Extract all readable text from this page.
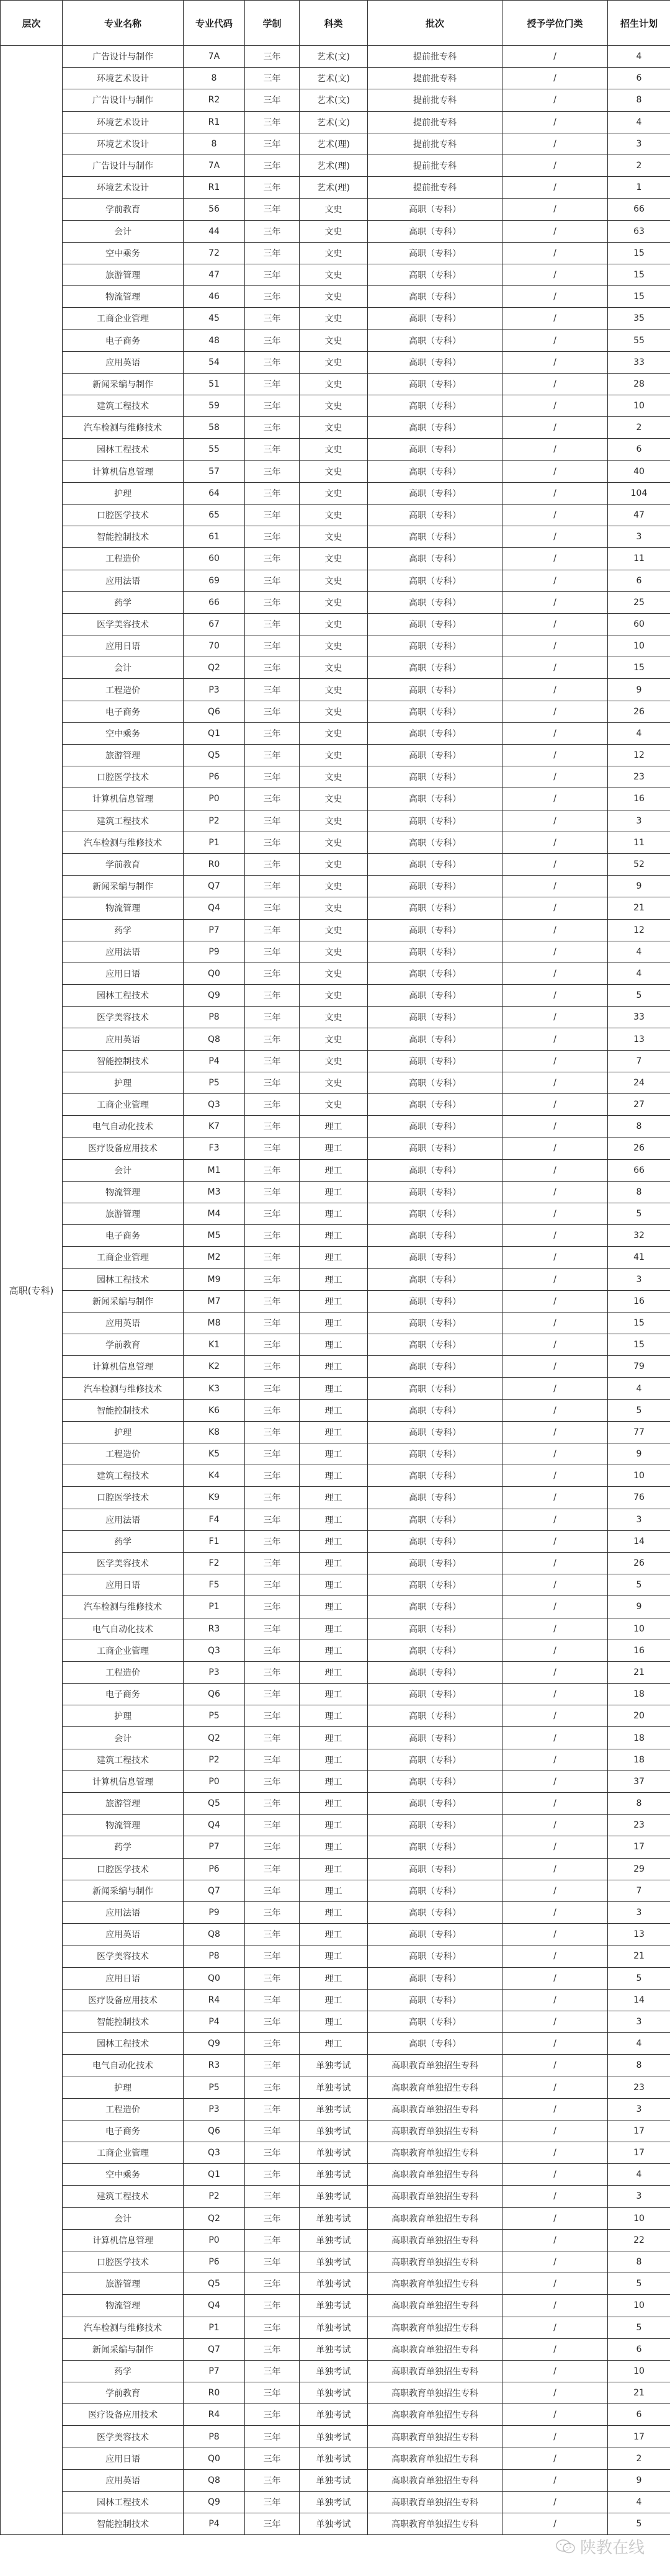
层次	专业名称	专业代码	学制	科类	批次	授予学位门类	招生计划
高职(专科)	广告设计与制作	7A	三年	艺术(文)	提前批专科	/	4
	环境艺术设计	8	三年	艺术(文)	提前批专科	/	6
	广告设计与制作	R2	三年	艺术(文)	提前批专科	/	8
	环境艺术设计	R1	三年	艺术(文)	提前批专科	/	4
	环境艺术设计	8	三年	艺术(理)	提前批专科	/	3
	广告设计与制作	7A	三年	艺术(理)	提前批专科	/	2
	环境艺术设计	R1	三年	艺术(理)	提前批专科	/	1
	学前教育	56	三年	文史	高职（专科）	/	66
	会计	44	三年	文史	高职（专科）	/	63
	空中乘务	72	三年	文史	高职（专科）	/	15
	旅游管理	47	三年	文史	高职（专科）	/	15
	物流管理	46	三年	文史	高职（专科）	/	15
	工商企业管理	45	三年	文史	高职（专科）	/	35
	电子商务	48	三年	文史	高职（专科）	/	55
	应用英语	54	三年	文史	高职（专科）	/	33
	新闻采编与制作	51	三年	文史	高职（专科）	/	28
	建筑工程技术	59	三年	文史	高职（专科）	/	10
	汽车检测与维修技术	58	三年	文史	高职（专科）	/	2
	园林工程技术	55	三年	文史	高职（专科）	/	6
	计算机信息管理	57	三年	文史	高职（专科）	/	40
	护理	64	三年	文史	高职（专科）	/	104
	口腔医学技术	65	三年	文史	高职（专科）	/	47
	智能控制技术	61	三年	文史	高职（专科）	/	3
	工程造价	60	三年	文史	高职（专科）	/	11
	应用法语	69	三年	文史	高职（专科）	/	6
	药学	66	三年	文史	高职（专科）	/	25
	医学美容技术	67	三年	文史	高职（专科）	/	60
	应用日语	70	三年	文史	高职（专科）	/	10
	会计	Q2	三年	文史	高职（专科）	/	15
	工程造价	P3	三年	文史	高职（专科）	/	9
	电子商务	Q6	三年	文史	高职（专科）	/	26
	空中乘务	Q1	三年	文史	高职（专科）	/	4
	旅游管理	Q5	三年	文史	高职（专科）	/	12
	口腔医学技术	P6	三年	文史	高职（专科）	/	23
	计算机信息管理	P0	三年	文史	高职（专科）	/	16
	建筑工程技术	P2	三年	文史	高职（专科）	/	3
	汽车检测与维修技术	P1	三年	文史	高职（专科）	/	11
	学前教育	R0	三年	文史	高职（专科）	/	52
	新闻采编与制作	Q7	三年	文史	高职（专科）	/	9
	物流管理	Q4	三年	文史	高职（专科）	/	21
	药学	P7	三年	文史	高职（专科）	/	12
	应用法语	P9	三年	文史	高职（专科）	/	4
	应用日语	Q0	三年	文史	高职（专科）	/	4
	园林工程技术	Q9	三年	文史	高职（专科）	/	5
	医学美容技术	P8	三年	文史	高职（专科）	/	33
	应用英语	Q8	三年	文史	高职（专科）	/	13
	智能控制技术	P4	三年	文史	高职（专科）	/	7
	护理	P5	三年	文史	高职（专科）	/	24
	工商企业管理	Q3	三年	文史	高职（专科）	/	27
	电气自动化技术	K7	三年	理工	高职（专科）	/	8
	医疗设备应用技术	F3	三年	理工	高职（专科）	/	26
	会计	M1	三年	理工	高职（专科）	/	66
	物流管理	M3	三年	理工	高职（专科）	/	8
	旅游管理	M4	三年	理工	高职（专科）	/	5
	电子商务	M5	三年	理工	高职（专科）	/	32
	工商企业管理	M2	三年	理工	高职（专科）	/	41
	园林工程技术	M9	三年	理工	高职（专科）	/	3
	新闻采编与制作	M7	三年	理工	高职（专科）	/	16
	应用英语	M8	三年	理工	高职（专科）	/	15
	学前教育	K1	三年	理工	高职（专科）	/	15
	计算机信息管理	K2	三年	理工	高职（专科）	/	79
	汽车检测与维修技术	K3	三年	理工	高职（专科）	/	4
	智能控制技术	K6	三年	理工	高职（专科）	/	5
	护理	K8	三年	理工	高职（专科）	/	77
	工程造价	K5	三年	理工	高职（专科）	/	9
	建筑工程技术	K4	三年	理工	高职（专科）	/	10
	口腔医学技术	K9	三年	理工	高职（专科）	/	76
	应用法语	F4	三年	理工	高职（专科）	/	3
	药学	F1	三年	理工	高职（专科）	/	14
	医学美容技术	F2	三年	理工	高职（专科）	/	26
	应用日语	F5	三年	理工	高职（专科）	/	5
	汽车检测与维修技术	P1	三年	理工	高职（专科）	/	9
	电气自动化技术	R3	三年	理工	高职（专科）	/	10
	工商企业管理	Q3	三年	理工	高职（专科）	/	16
	工程造价	P3	三年	理工	高职（专科）	/	21
	电子商务	Q6	三年	理工	高职（专科）	/	18
	护理	P5	三年	理工	高职（专科）	/	20
	会计	Q2	三年	理工	高职（专科）	/	18
	建筑工程技术	P2	三年	理工	高职（专科）	/	18
	计算机信息管理	P0	三年	理工	高职（专科）	/	37
	旅游管理	Q5	三年	理工	高职（专科）	/	8
	物流管理	Q4	三年	理工	高职（专科）	/	23
	药学	P7	三年	理工	高职（专科）	/	17
	口腔医学技术	P6	三年	理工	高职（专科）	/	29
	新闻采编与制作	Q7	三年	理工	高职（专科）	/	7
	应用法语	P9	三年	理工	高职（专科）	/	3
	应用英语	Q8	三年	理工	高职（专科）	/	13
	医学美容技术	P8	三年	理工	高职（专科）	/	21
	应用日语	Q0	三年	理工	高职（专科）	/	5
	医疗设备应用技术	R4	三年	理工	高职（专科）	/	14
	智能控制技术	P4	三年	理工	高职（专科）	/	3
	园林工程技术	Q9	三年	理工	高职（专科）	/	4
	电气自动化技术	R3	三年	单独考试	高职教育单独招生专科	/	8
	护理	P5	三年	单独考试	高职教育单独招生专科	/	23
	工程造价	P3	三年	单独考试	高职教育单独招生专科	/	3
	电子商务	Q6	三年	单独考试	高职教育单独招生专科	/	17
	工商企业管理	Q3	三年	单独考试	高职教育单独招生专科	/	17
	空中乘务	Q1	三年	单独考试	高职教育单独招生专科	/	4
	建筑工程技术	P2	三年	单独考试	高职教育单独招生专科	/	3
	会计	Q2	三年	单独考试	高职教育单独招生专科	/	10
	计算机信息管理	P0	三年	单独考试	高职教育单独招生专科	/	22
	口腔医学技术	P6	三年	单独考试	高职教育单独招生专科	/	8
	旅游管理	Q5	三年	单独考试	高职教育单独招生专科	/	5
	物流管理	Q4	三年	单独考试	高职教育单独招生专科	/	10
	汽车检测与维修技术	P1	三年	单独考试	高职教育单独招生专科	/	5
	新闻采编与制作	Q7	三年	单独考试	高职教育单独招生专科	/	6
	药学	P7	三年	单独考试	高职教育单独招生专科	/	10
	学前教育	R0	三年	单独考试	高职教育单独招生专科	/	21
	医疗设备应用技术	R4	三年	单独考试	高职教育单独招生专科	/	6
	医学美容技术	P8	三年	单独考试	高职教育单独招生专科	/	17
	应用日语	Q0	三年	单独考试	高职教育单独招生专科	/	2
	应用英语	Q8	三年	单独考试	高职教育单独招生专科	/	9
	园林工程技术	Q9	三年	单独考试	高职教育单独招生专科	/	4
	智能控制技术	P4	三年	单独考试	高职教育单独招生专科	/	5
陕教在线
